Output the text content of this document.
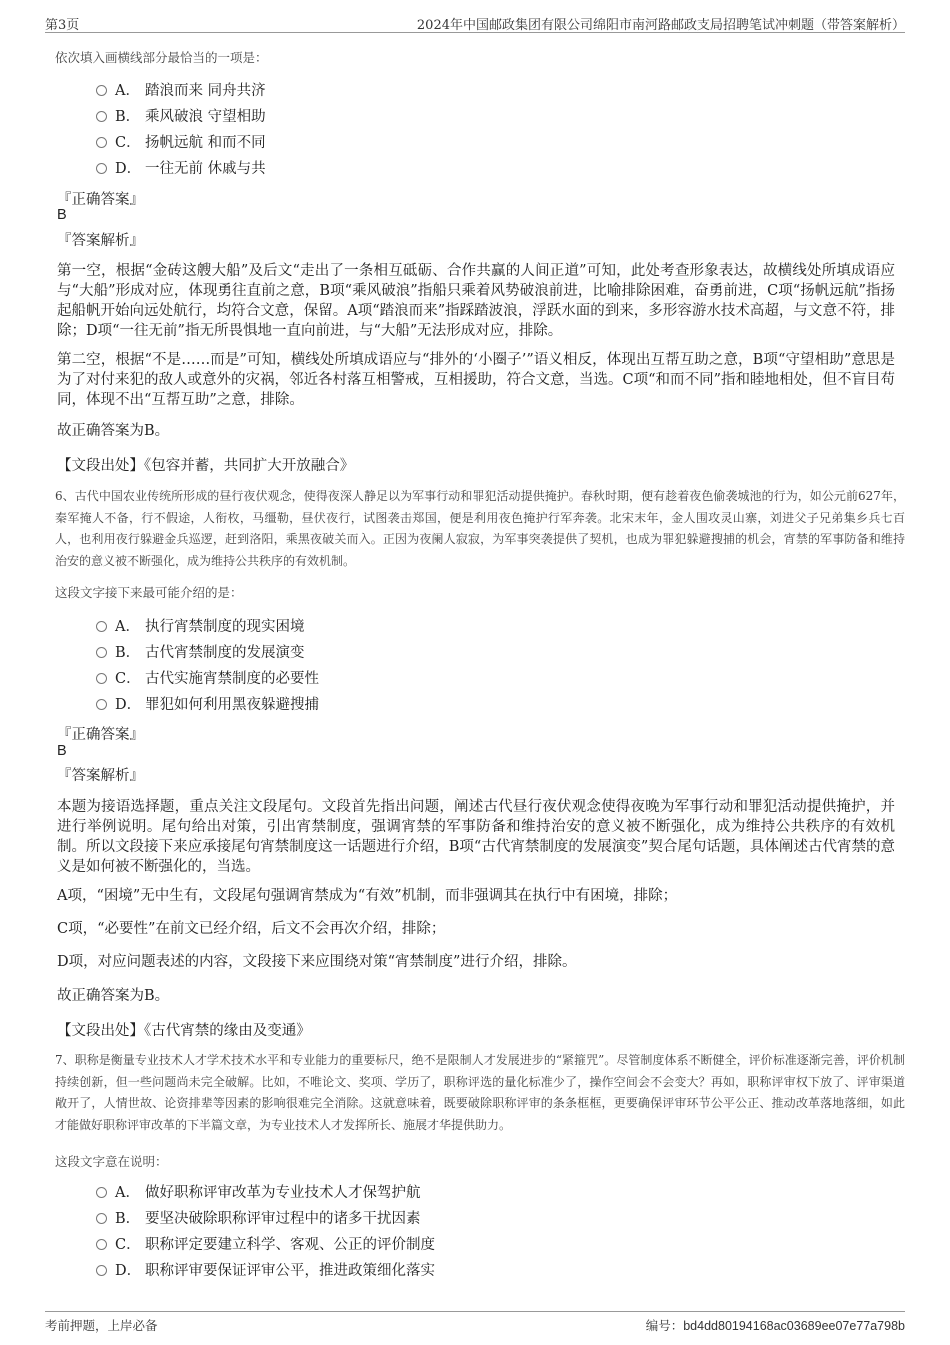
第3页	2024年中国邮政集团有限公司绵阳市南河路邮政支局招聘笔试冲刺题（带答案解析）
依次填入画横线部分最恰当的一项是：
A． 踏浪而来 同舟共济
B． 乘风破浪 守望相助
C． 扬帆远航 和而不同
D． 一往无前 休戚与共
『正确答案』
B
『答案解析』
第一空，根据“金砖这艘大船”及后文“走出了一条相互砥砺、合作共赢的人间正道”可知，此处考查形象表达，故横线处所填成语应与“大船”形成对应，体现勇往直前之意，B项“乘风破浪”指船只乘着风势破浪前进，比喻排除困难，奋勇前进，C项“扬帆远航”指扬起船帆开始向远处航行，均符合文意，保留。A项“踏浪而来”指踩踏波浪，浮跃水面的到来，多形容游水技术高超，与文意不符，排除；D项“一往无前”指无所畏惧地一直向前进，与“大船”无法形成对应，排除。
第二空，根据“不是……而是”可知，横线处所填成语应与“排外的‘小圈子’”语义相反，体现出互帮互助之意，B项“守望相助”意思是为了对付来犯的敌人或意外的灾祸，邻近各村落互相警戒，互相援助，符合文意，当选。C项“和而不同”指和睦地相处，但不盲目苟同，体现不出“互帮互助”之意，排除。
故正确答案为B。
【文段出处】《包容并蓄，共同扩大开放融合》
6、古代中国农业传统所形成的昼行夜伏观念，使得夜深人静足以为军事行动和罪犯活动提供掩护。春秋时期，便有趁着夜色偷袭城池的行为，如公元前627年，秦军掩人不备，行不假途，人衔枚，马缰勒，昼伏夜行，试图袭击郑国，便是利用夜色掩护行军奔袭。北宋末年，金人围攻灵山寨，刘进父子兄弟集乡兵七百人，也利用夜行躲避金兵巡逻，赶到洛阳，乘黑夜破关而入。正因为夜阑人寂寂，为军事突袭提供了契机，也成为罪犯躲避搜捕的机会，宵禁的军事防备和维持治安的意义被不断强化，成为维持公共秩序的有效机制。
这段文字接下来最可能介绍的是：
A． 执行宵禁制度的现实困境
B． 古代宵禁制度的发展演变
C． 古代实施宵禁制度的必要性
D． 罪犯如何利用黑夜躲避搜捕
『正确答案』
B
『答案解析』
本题为接语选择题，重点关注文段尾句。文段首先指出问题，阐述古代昼行夜伏观念使得夜晚为军事行动和罪犯活动提供掩护，并进行举例说明。尾句给出对策，引出宵禁制度，强调宵禁的军事防备和维持治安的意义被不断强化，成为维持公共秩序的有效机制。所以文段接下来应承接尾句宵禁制度这一话题进行介绍，B项“古代宵禁制度的发展演变”契合尾句话题，具体阐述古代宵禁的意义是如何被不断强化的，当选。
A项，“困境”无中生有，文段尾句强调宵禁成为“有效”机制，而非强调其在执行中有困境，排除；
C项，“必要性”在前文已经介绍，后文不会再次介绍，排除；
D项，对应问题表述的内容，文段接下来应围绕对策“宵禁制度”进行介绍，排除。
故正确答案为B。
【文段出处】《古代宵禁的缘由及变通》
7、职称是衡量专业技术人才学术技术水平和专业能力的重要标尺，绝不是限制人才发展进步的“紧箍咒”。尽管制度体系不断健全，评价标准逐渐完善，评价机制持续创新，但一些问题尚未完全破解。比如，不唯论文、奖项、学历了，职称评选的量化标准少了，操作空间会不会变大？再如，职称评审权下放了、评审渠道敞开了，人情世故、论资排辈等因素的影响很难完全消除。这就意味着，既要破除职称评审的条条框框，更要确保评审环节公平公正、推动改革落地落细，如此才能做好职称评审改革的下半篇文章，为专业技术人才发挥所长、施展才华提供助力。
这段文字意在说明：
A． 做好职称评审改革为专业技术人才保驾护航
B． 要坚决破除职称评审过程中的诸多干扰因素
C． 职称评定要建立科学、客观、公正的评价制度
D． 职称评审要保证评审公平，推进政策细化落实
考前押题，上岸必备	编号：bd4dd80194168ac03689ee07e77a798b
